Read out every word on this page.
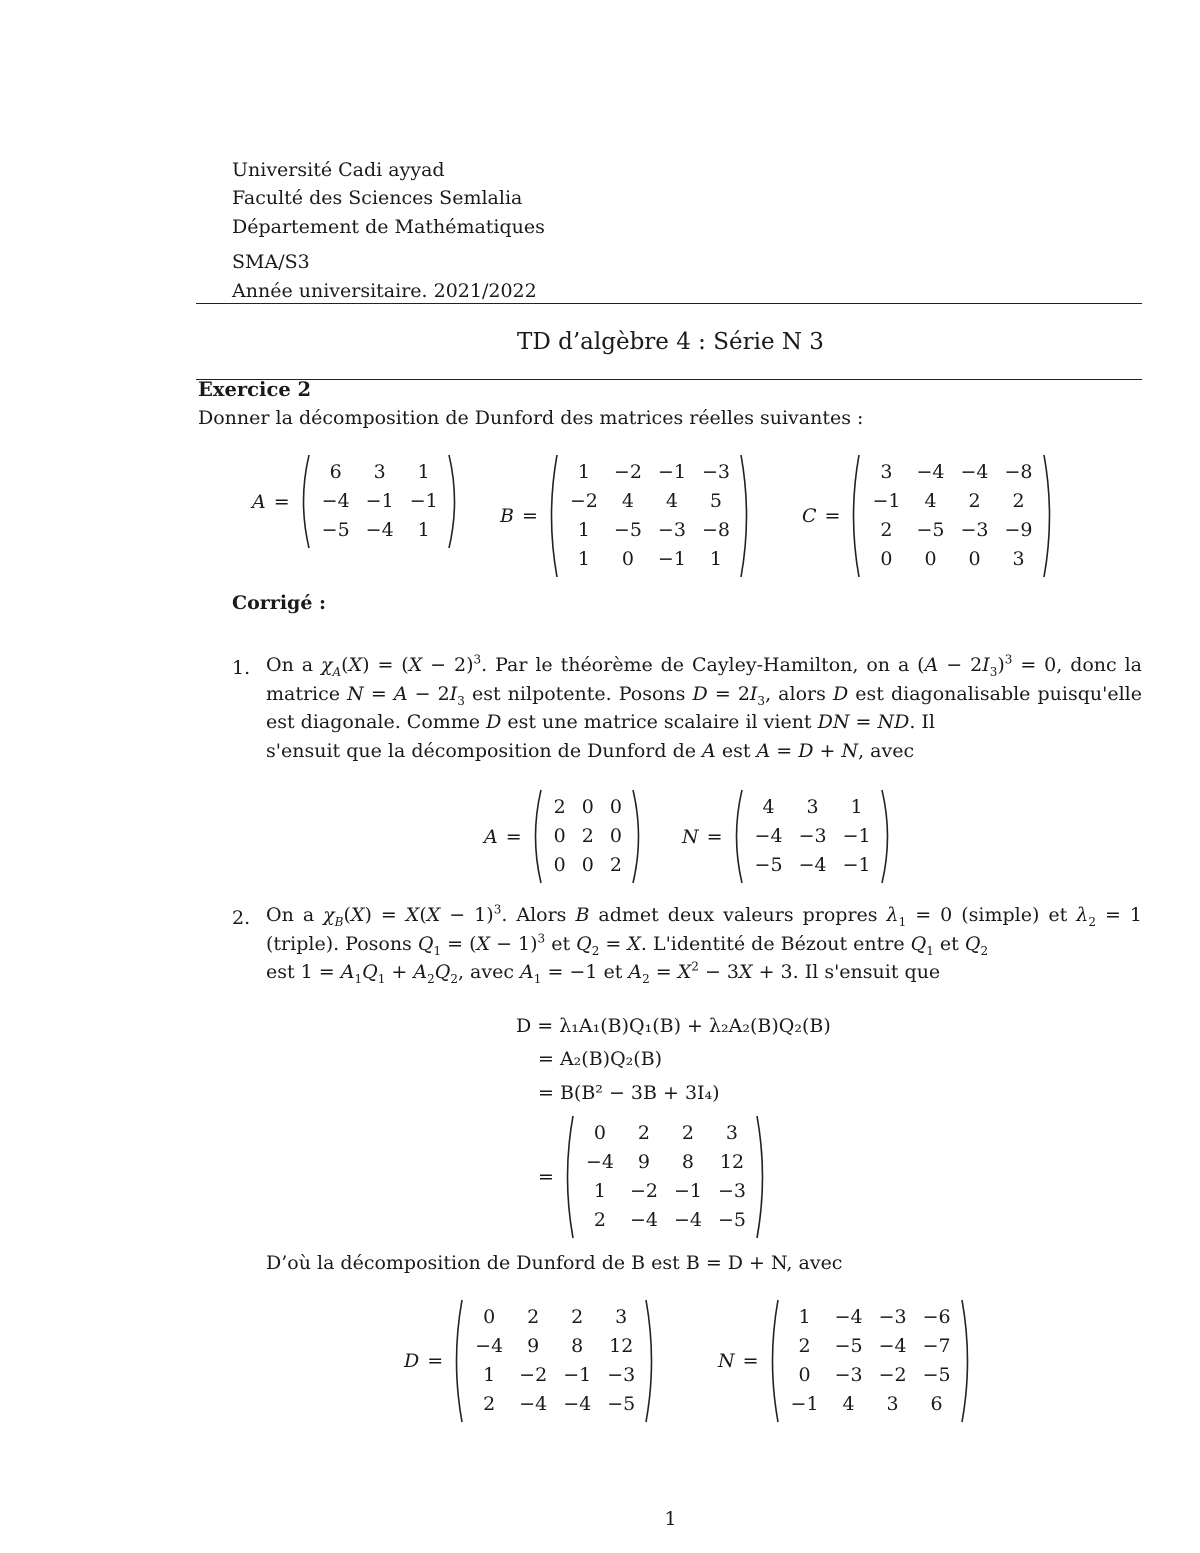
Université Cadi ayyad
Faculté des Sciences Semlalia
Département de Mathématiques
SMA/S3
Année universitaire. 2021/2022
TD d’algèbre 4 : Série N 3
Exercice 2
Donner la décomposition de Dunford des matrices réelles suivantes :
A =
6	3	1
−4	−1	−1
−5	−4	1
B =
1	−2	−1	−3
−2	4	4	5
1	−5	−3	−8
1	0	−1	1
C =
3	−4	−4	−8
−1	4	2	2
2	−5	−3	−9
0	0	0	3
Corrigé :
1. On a $\chi_A(X) = (X - 2)^3$. Par le théorème de Cayley-Hamilton, on a $(A - 2I_3)^3 = 0$, donc la matrice $N = A - 2I_3$ est nilpotente. Posons $D = 2I_3$, alors D est diagonalisable puisqu'elle est diagonale. Comme D est une matrice scalaire il vient DN = ND. Il
s'ensuit que la décomposition de Dunford de A est A = D + N, avec
A =
2	0	0
0	2	0
0	0	2
N =
4	3	1
−4	−3	−1
−5	−4	−1
2. On a $\chi_B(X) = X(X - 1)^3$. Alors B admet deux valeurs propres $\lambda_1 = 0$ (simple) et $\lambda_2 = 1$ (triple). Posons $Q_1 = (X - 1)^3$ et $Q_2 = X$. L'identité de Bézout entre $Q_1$ et $Q_2$
est $1 = A_1Q_1 + A_2Q_2$, avec $A_1 = -1$ et $A_2 = X^2 - 3X + 3$. Il s'ensuit que
D = λ₁A₁(B)Q₁(B) + λ₂A₂(B)Q₂(B)
= A₂(B)Q₂(B)
= B(B² − 3B + 3I₄)
=
0	2	2	3
−4	9	8	12
1	−2	−1	−3
2	−4	−4	−5
D’où la décomposition de Dunford de B est B = D + N, avec
D =
0	2	2	3
−4	9	8	12
1	−2	−1	−3
2	−4	−4	−5
N =
1	−4	−3	−6
2	−5	−4	−7
0	−3	−2	−5
−1	4	3	6
1
